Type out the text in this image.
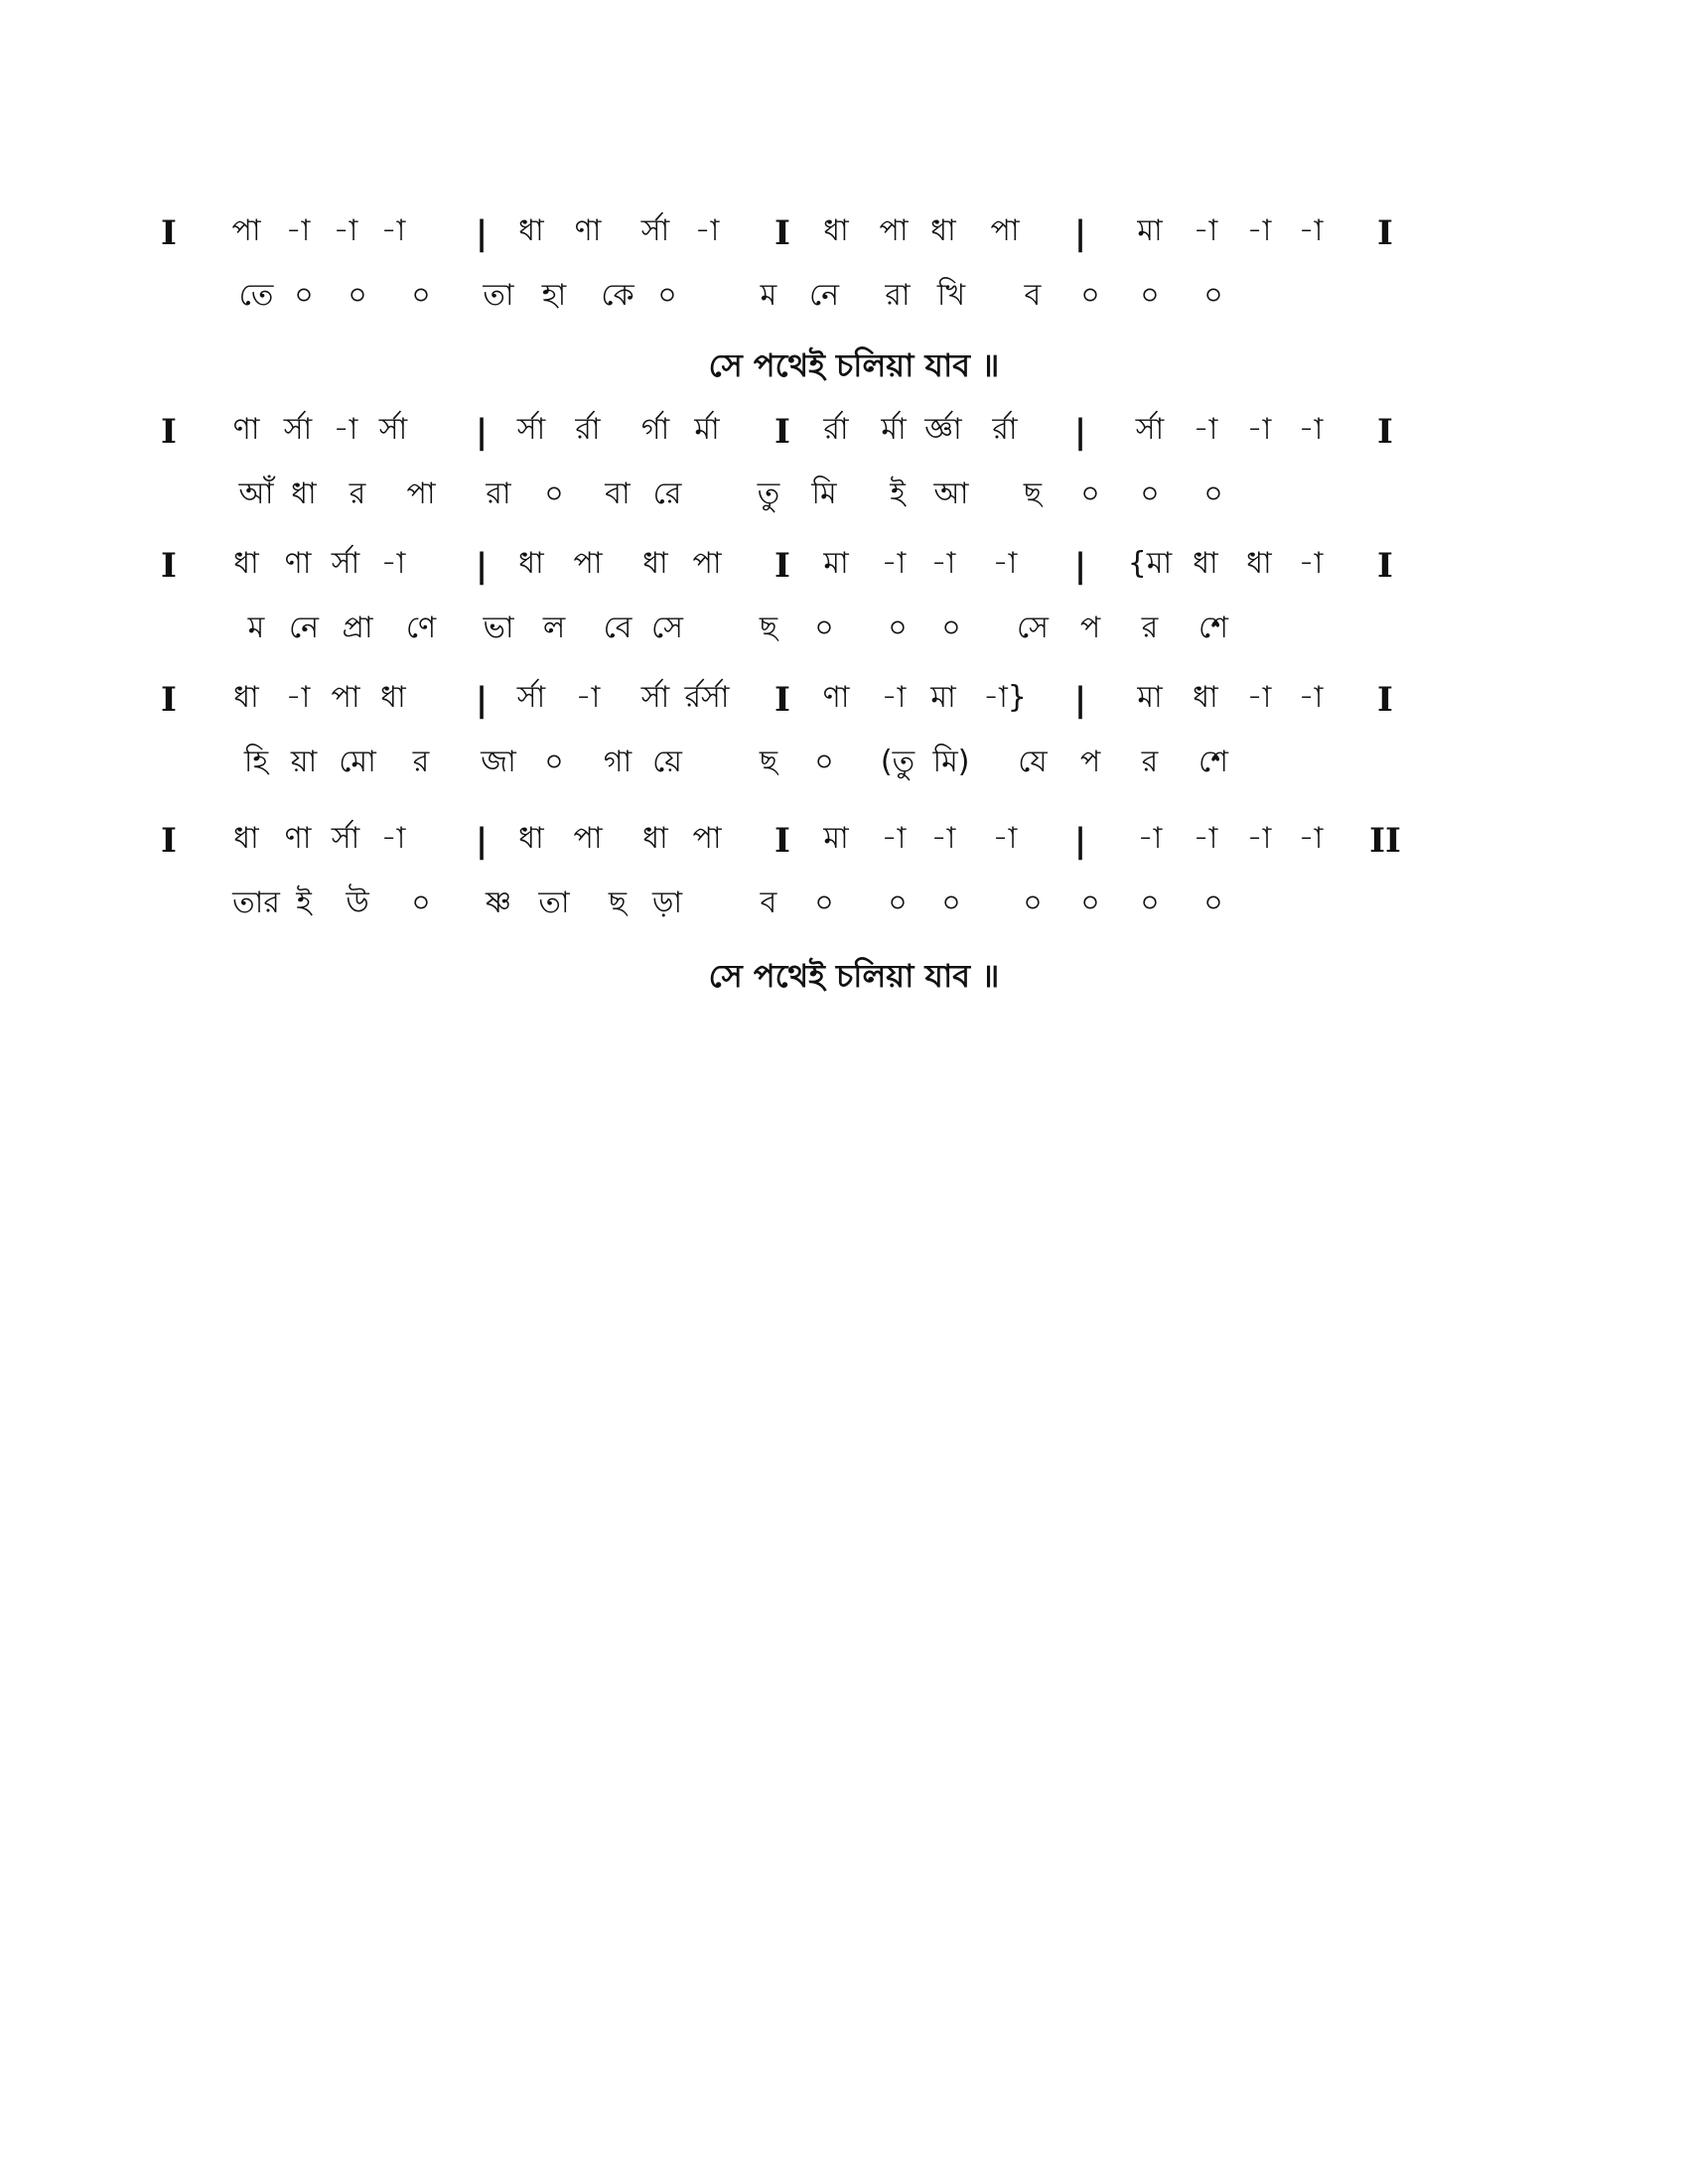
I পা -া -া -া | ধা ণা র্সা -া I ধা পা ধা পা | মা -া -া -া I
তে ০ ০ ০ তা হা কে ০	ম নে রা খি ব ০ ০ ০
সে পথেই চলিয়া যাব ॥
I ণা র্সা -া র্সা | র্সা র্রা র্গা র্মা I র্রা র্মা র্জ্ঞা র্রা | র্সা -া -া -া I
আঁ ধা র পা রা ০ বা রে	তু মি ই আ ছ ০ ০ ০
I ধা ণা র্সা -া | ধা পা ধা পা I মা -া -া -া | {মা ধা ধা -া I
ম নে প্রা ণে ভা ল বে সে	ছ ০ ০ ০ সে প র শে
I ধা -া পা ধা | র্সা -া র্সা র্রর্সা I ণা -া মা -া} | মা ধা -া -া I
হি য়া মো র জা ০ গা য়ে	ছ ০ (তু মি) যে প র শে
I ধা ণা র্সা -া | ধা পা ধা পা I মা -া -া -া | -া -া -া -া II
তার ই উ ০ ষ্ণ তা ছ ড়া	ব ০ ০ ০ ০ ০ ০ ০
সে পথেই চলিয়া যাব ॥
